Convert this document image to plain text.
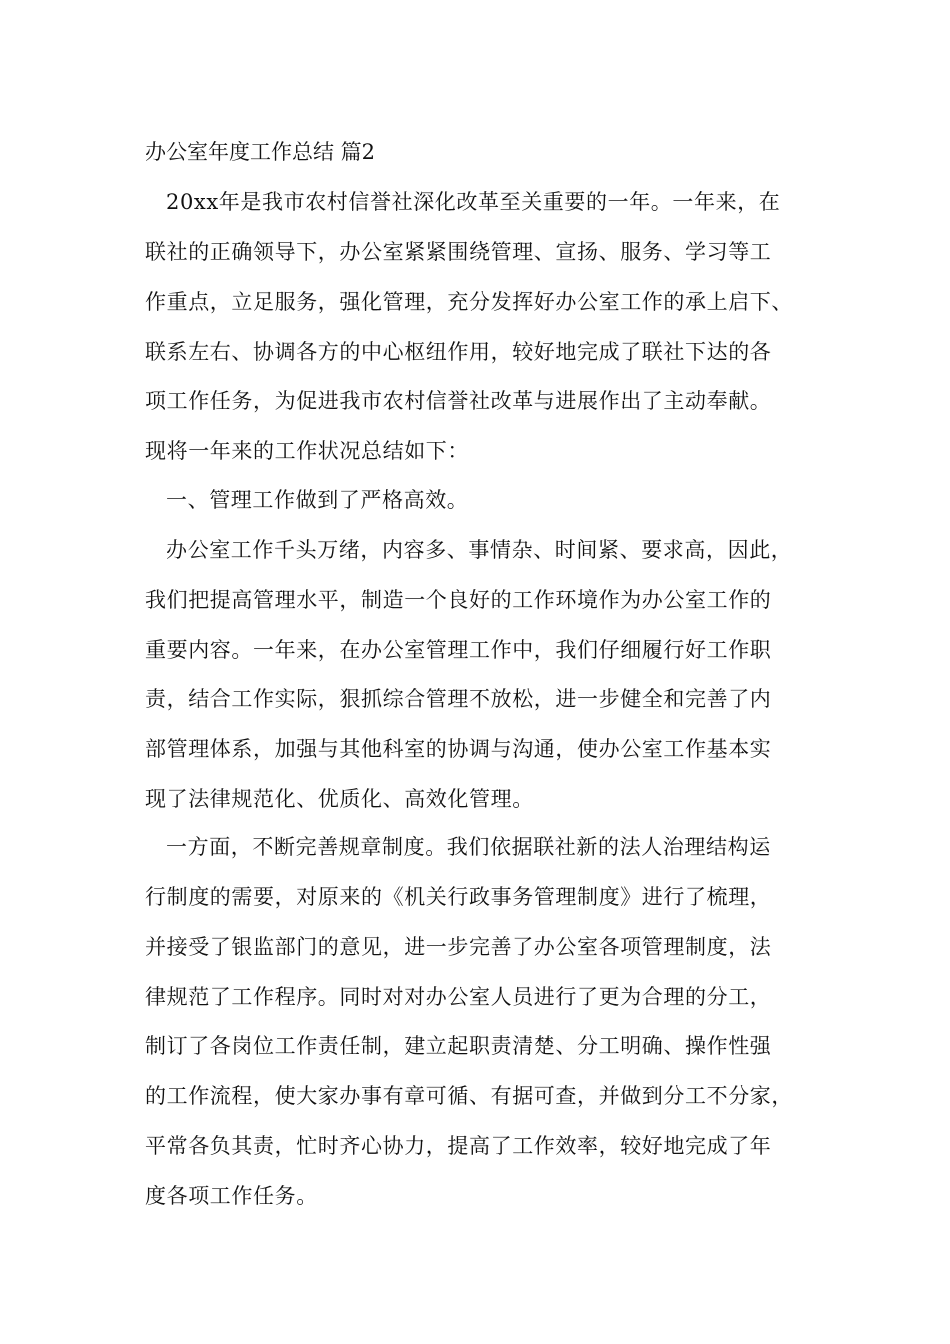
办公室年度工作总结 篇2
20xx年是我市农村信誉社深化改革至关重要的一年。一年来，在
联社的正确领导下，办公室紧紧围绕管理、宣扬、服务、学习等工
作重点，立足服务，强化管理，充分发挥好办公室工作的承上启下、
联系左右、协调各方的中心枢纽作用，较好地完成了联社下达的各
项工作任务，为促进我市农村信誉社改革与进展作出了主动奉献。
现将一年来的工作状况总结如下：
一、管理工作做到了严格高效。
办公室工作千头万绪，内容多、事情杂、时间紧、要求高，因此，
我们把提高管理水平，制造一个良好的工作环境作为办公室工作的
重要内容。一年来，在办公室管理工作中，我们仔细履行好工作职
责，结合工作实际，狠抓综合管理不放松，进一步健全和完善了内
部管理体系，加强与其他科室的协调与沟通，使办公室工作基本实
现了法律规范化、优质化、高效化管理。
一方面，不断完善规章制度。我们依据联社新的法人治理结构运
行制度的需要，对原来的《机关行政事务管理制度》进行了梳理，
并接受了银监部门的意见，进一步完善了办公室各项管理制度，法
律规范了工作程序。同时对对办公室人员进行了更为合理的分工，
制订了各岗位工作责任制，建立起职责清楚、分工明确、操作性强
的工作流程，使大家办事有章可循、有据可查，并做到分工不分家，
平常各负其责，忙时齐心协力，提高了工作效率，较好地完成了年
度各项工作任务。
